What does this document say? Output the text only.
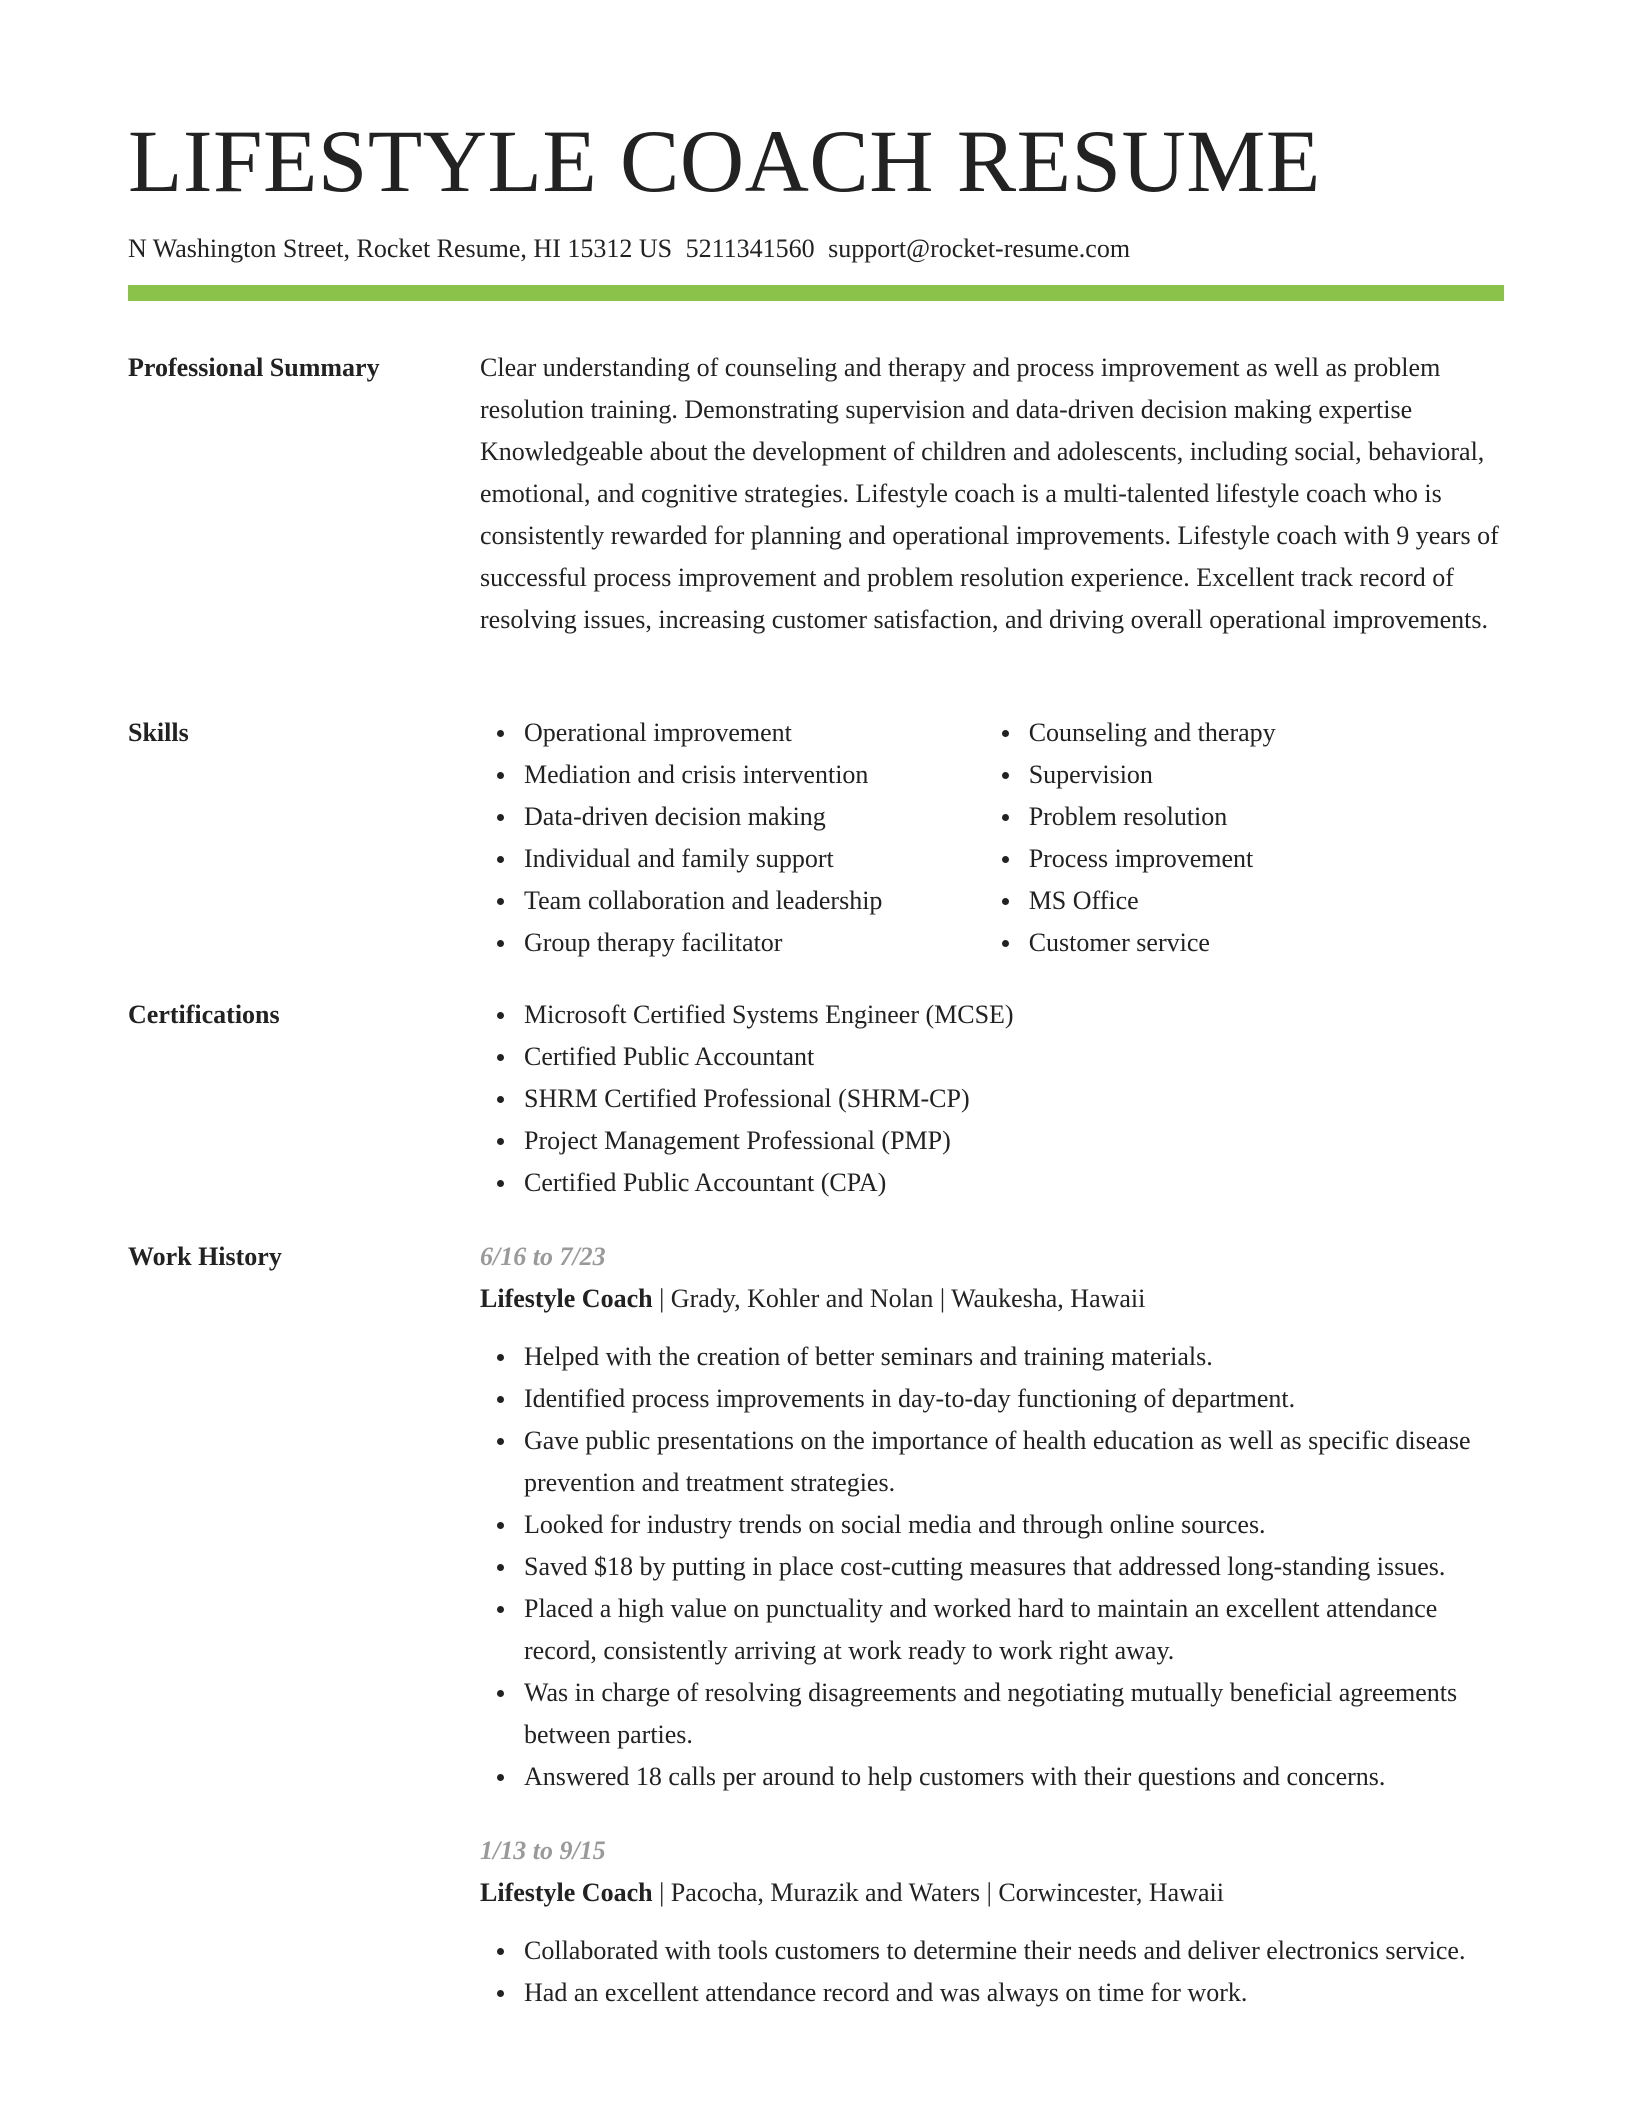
LIFESTYLE COACH RESUME
N Washington Street, Rocket Resume, HI 15312 US 5211341560 support@rocket-resume.com
Professional Summary	Clear understanding of counseling and therapy and process improvement as well as problem resolution training. Demonstrating supervision and data-driven decision making expertise Knowledgeable about the development of children and adolescents, including social, behavioral, emotional, and cognitive strategies. Lifestyle coach is a multi-talented lifestyle coach who is consistently rewarded for planning and operational improvements. Lifestyle coach with 9 years of successful process improvement and problem resolution experience. Excellent track record of resolving issues, increasing customer satisfaction, and driving overall operational improvements.

Skills	Operational improvement
Mediation and crisis intervention
Data-driven decision making
Individual and family support
Team collaboration and leadership
Group therapy facilitator
Counseling and therapy
Supervision
Problem resolution
Process improvement
MS Office
Customer service
Certifications	Microsoft Certified Systems Engineer (MCSE)
Certified Public Accountant
SHRM Certified Professional (SHRM-CP)
Project Management Professional (PMP)
Certified Public Accountant (CPA)
Work History	6/16 to 7/23
Lifestyle Coach | Grady, Kohler and Nolan | Waukesha, Hawaii
Helped with the creation of better seminars and training materials.
Identified process improvements in day-to-day functioning of department.
Gave public presentations on the importance of health education as well as specific disease prevention and treatment strategies.
Looked for industry trends on social media and through online sources.
Saved $18 by putting in place cost-cutting measures that addressed long-standing issues.
Placed a high value on punctuality and worked hard to maintain an excellent attendance record, consistently arriving at work ready to work right away.
Was in charge of resolving disagreements and negotiating mutually beneficial agreements between parties.
Answered 18 calls per around to help customers with their questions and concerns.
1/13 to 9/15
Lifestyle Coach | Pacocha, Murazik and Waters | Corwincester, Hawaii
Collaborated with tools customers to determine their needs and deliver electronics service.
Had an excellent attendance record and was always on time for work.
